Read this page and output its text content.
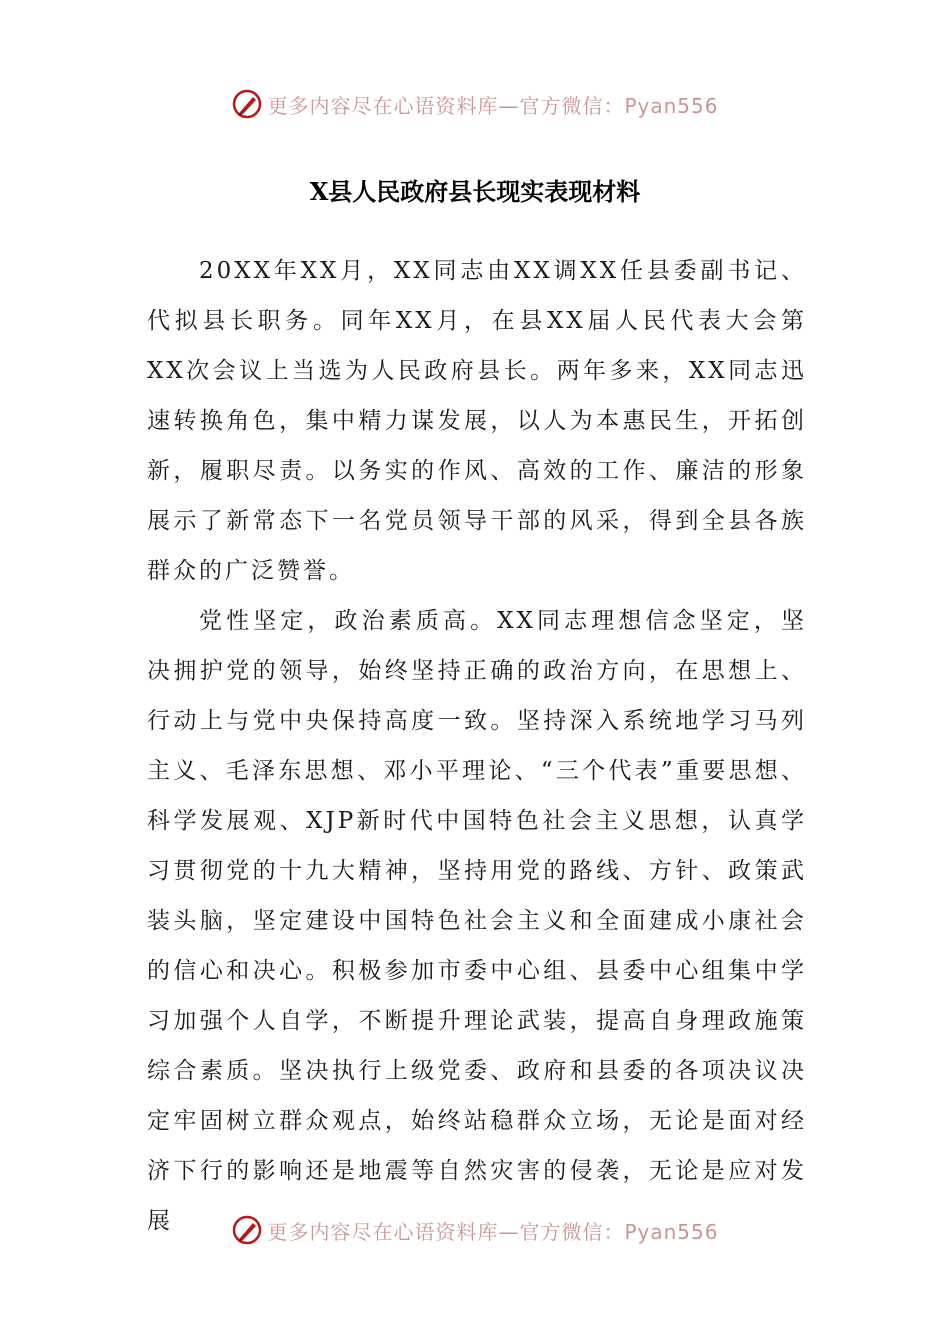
更多内容尽在心语资料库—官方微信：Pyan556
X县人民政府县长现实表现材料

20XX年XX月，XX同志由XX调XX任县委副书记、代拟县长职务。同年XX月，在县XX届人民代表大会第XX次会议上当选为人民政府县长。两年多来，XX同志迅速转换角色，集中精力谋发展，以人为本惠民生，开拓创新，履职尽责。以务实的作风、高效的工作、廉洁的形象展示了新常态下一名党员领导干部的风采，得到全县各族群众的广泛赞誉。

党性坚定，政治素质高。XX同志理想信念坚定，坚决拥护党的领导，始终坚持正确的政治方向，在思想上、行动上与党中央保持高度一致。坚持深入系统地学习马列主义、毛泽东思想、邓小平理论、“三个代表”重要思想、科学发展观、XJP新时代中国特色社会主义思想，认真学习贯彻党的十九大精神，坚持用党的路线、方针、政策武装头脑，坚定建设中国特色社会主义和全面建成小康社会的信心和决心。积极参加市委中心组、县委中心组集中学习加强个人自学，不断提升理论武装，提高自身理政施策综合素质。坚决执行上级党委、政府和县委的各项决议决定牢固树立群众观点，始终站稳群众立场，无论是面对经济下行的影响还是地震等自然灾害的侵袭，无论是应对发展	更多内容尽在心语资料库—官方微信：Pyan556
